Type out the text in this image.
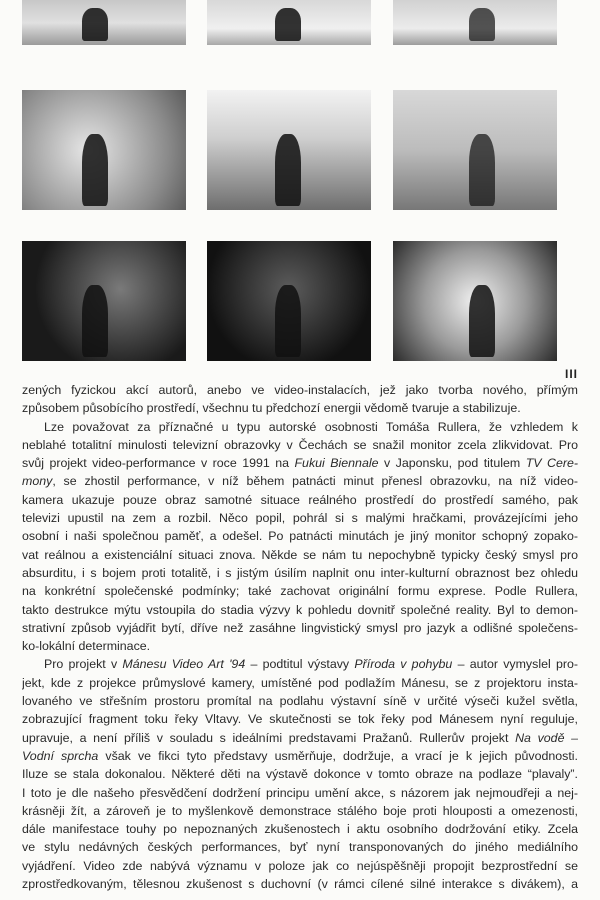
III
zených fyzickou akcí autorů, anebo ve video-instalacích, jež jako tvorba nového, přímým
způsobem působícího prostředí, všechnu tu předchozí energii vědomě tvaruje a stabilizuje.
Lze považovat za příznačné u typu autorské osobnosti Tomáša Rullera, že vzhledem k
neblahé totalitní minulosti televizní obrazovky v Čechách se snažil monitor zcela zlikvidovat. Pro
svůj projekt video-performance v roce 1991 na Fukui Biennale v Japonsku, pod titulem TV Cere-
mony, se zhostil performance, v níž během patnácti minut přenesl obrazovku, na níž video-
kamera ukazuje pouze obraz samotné situace reálného prostředí do prostředí samého, pak
televizi upustil na zem a rozbil. Něco popil, pohrál si s malými hračkami, provázejícími jeho
osobní i naši společnou paměť, a odešel. Po patnácti minutách je jiný monitor schopný zopako-
vat reálnou a existenciální situaci znova. Někde se nám tu nepochybně typicky český smysl pro
absurditu, i s bojem proti totalitě, i s jistým úsilím naplnit onu inter-kulturní obraznost bez ohledu
na konkrétní společenské podmínky; také zachovat originální formu exprese. Podle Rullera,
takto destrukce mýtu vstoupila do stadia výzvy k pohledu dovnitř společné reality. Byl to demon-
strativní způsob vyjádřit bytí, dříve než zasáhne lingvistický smysl pro jazyk a odlišné společens-
ko-lokální determinace.
Pro projekt v Mánesu Video Art '94 – podtitul výstavy Příroda v pohybu – autor vymyslel pro-
jekt, kde z projekce průmyslové kamery, umístěné pod podlažím Mánesu, se z projektoru insta-
lovaného ve střešním prostoru promítal na podlahu výstavní síně v určité výseči kužel světla,
zobrazující fragment toku řeky Vltavy. Ve skutečnosti se tok řeky pod Mánesem nyní reguluje,
upravuje, a není příliš v souladu s ideálními predstavami Pražanů. Rullerův projekt Na vodě –
Vodní sprcha však ve fikci tyto představy usměrňuje, dodržuje, a vrací je k jejich původnosti.
Iluze se stala dokonalou. Některé děti na výstavě dokonce v tomto obraze na podlaze “plavaly”.
I toto je dle našeho přesvědčení dodržení principu umění akce, s názorem jak nejmoudřeji a nej-
krásněji žít, a zároveň je to myšlenkově demonstrace stálého boje proti hlouposti a omezenosti,
dále manifestace touhy po nepoznaných zkušenostech i aktu osobního dodržování etiky. Zcela
ve stylu nedávných českých performances, byť nyní transponovaných do jiného mediálního
vyjádření. Video zde nabývá významu v poloze jak co nejúspěšněji propojit bezprostřední se
zprostředkovaným, tělesnou zkušenost s duchovní (v rámci cílené silné interakce s divákem), a
